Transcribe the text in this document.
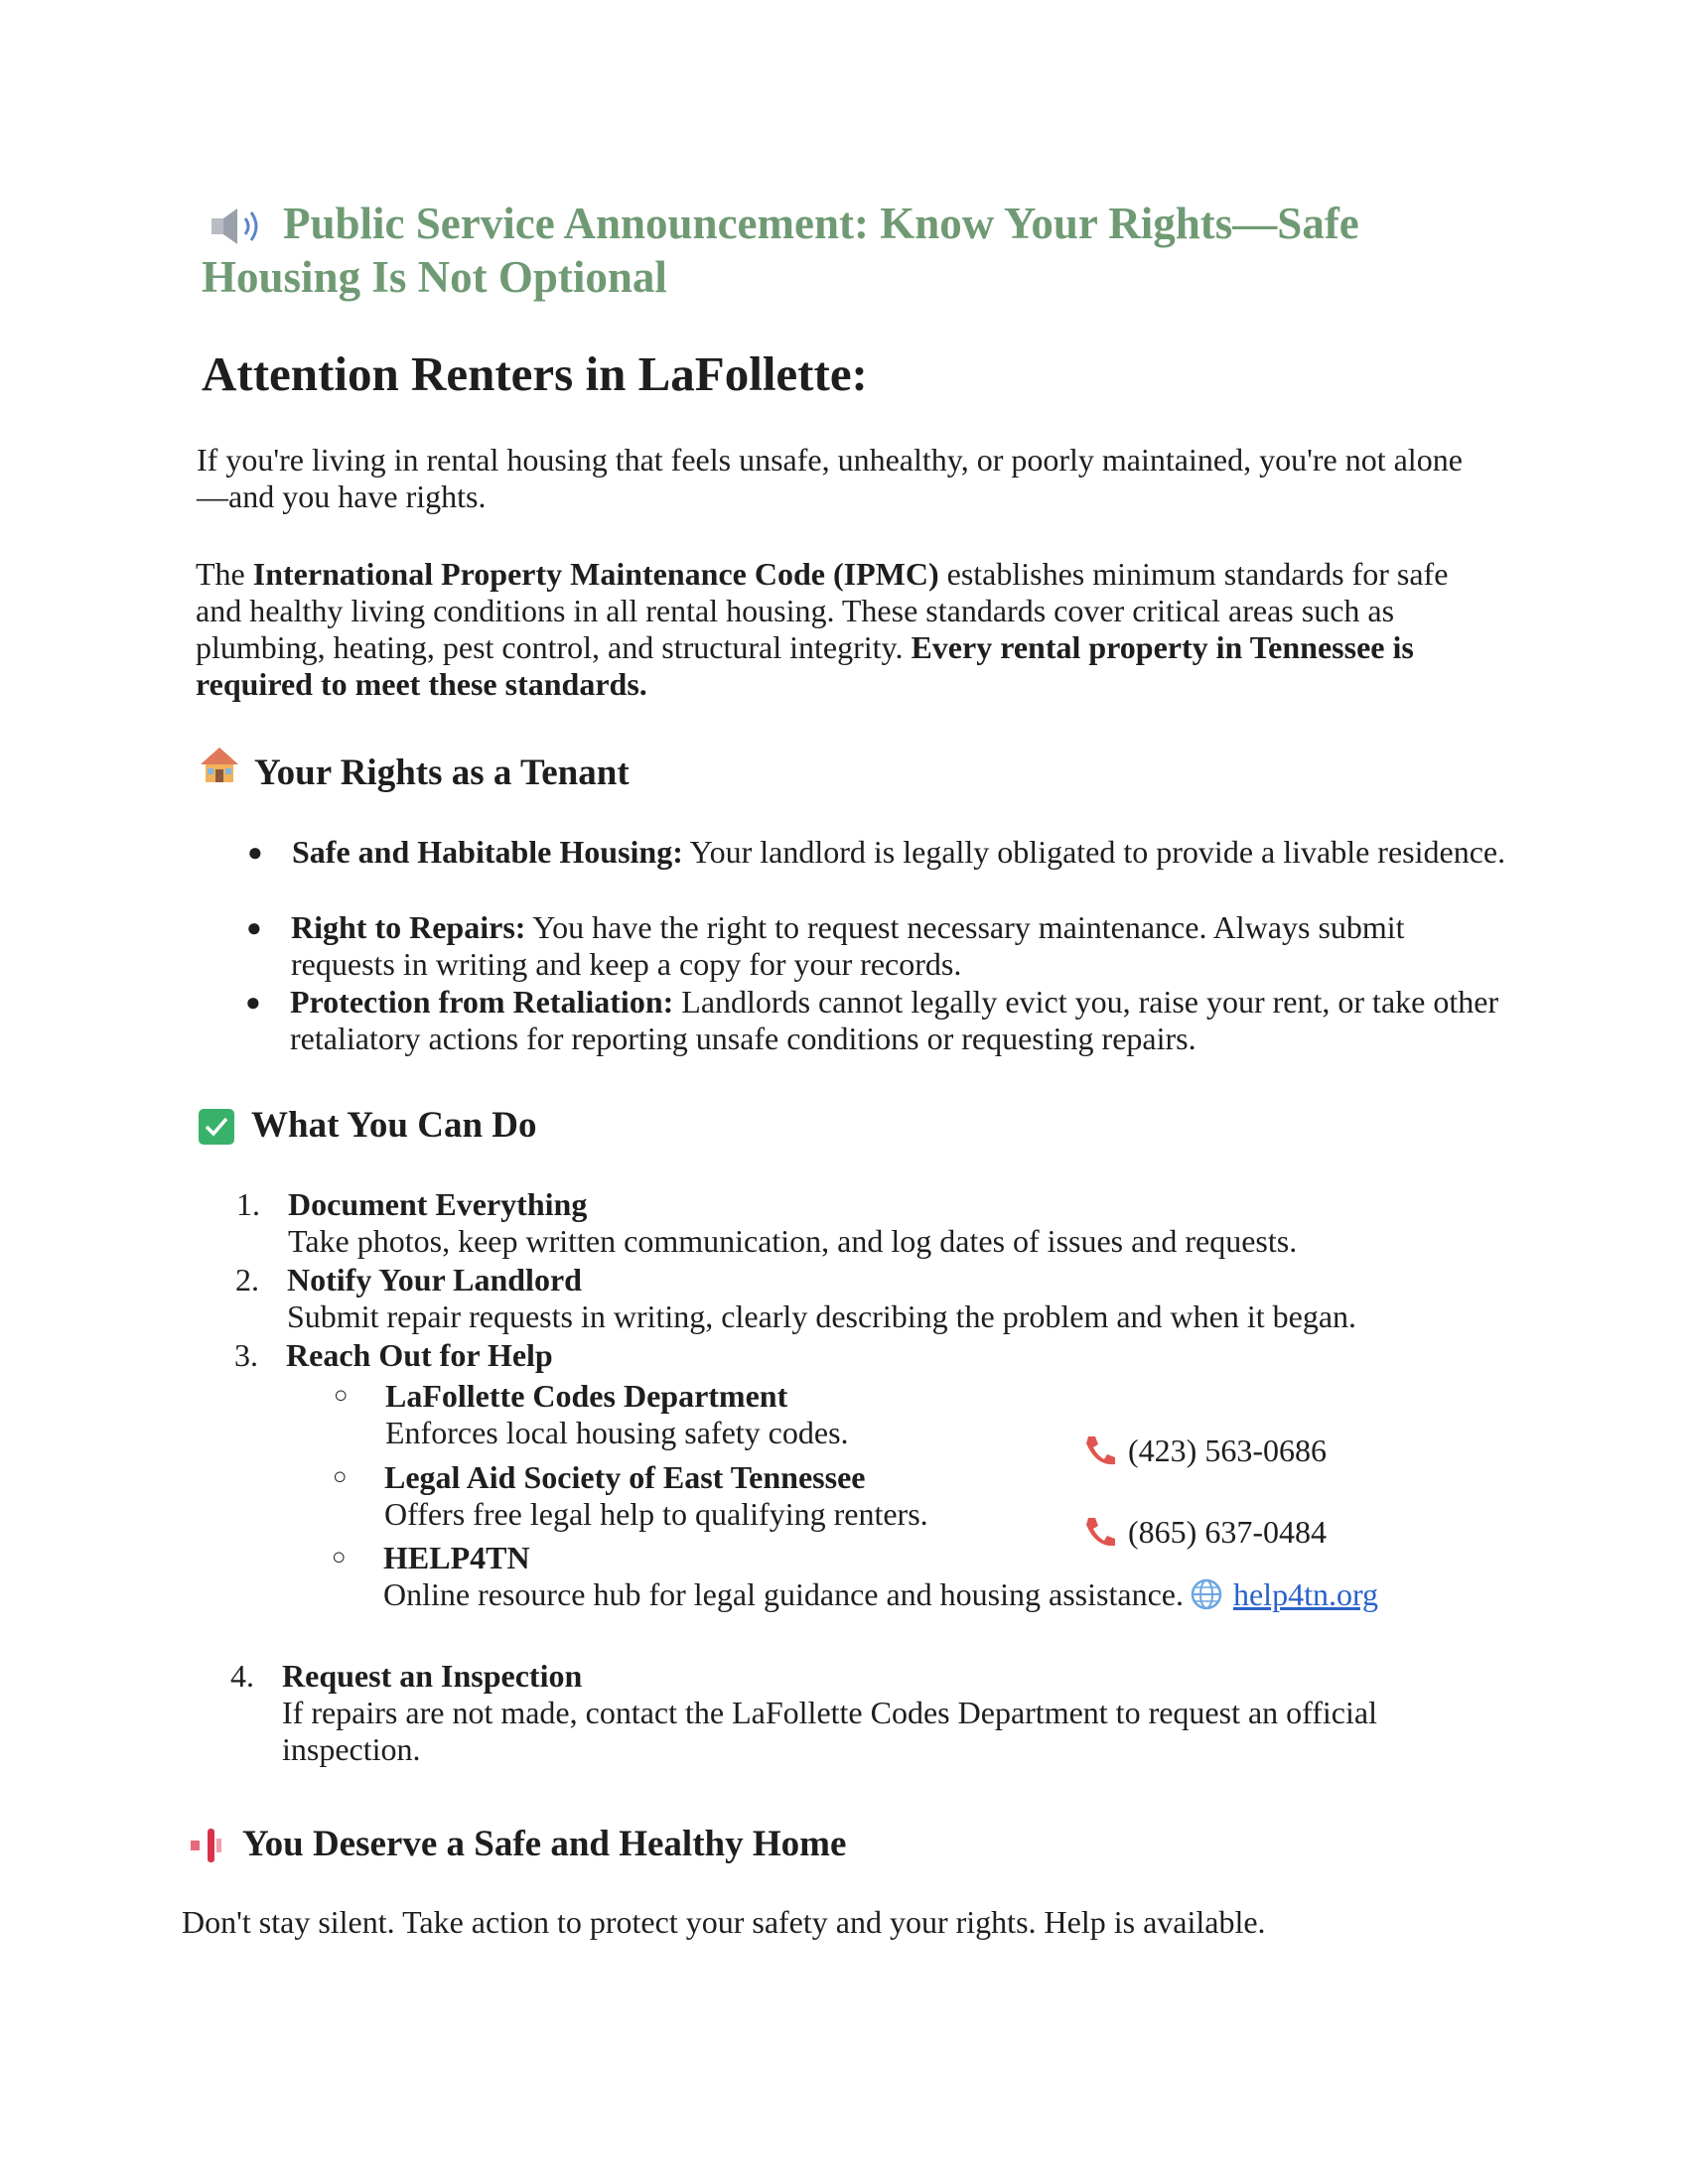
Public Service Announcement: Know Your Rights—Safe
Housing Is Not Optional
Attention Renters in LaFollette:
If you're living in rental housing that feels unsafe, unhealthy, or poorly maintained, you're not alone—and you have rights.
The International Property Maintenance Code (IPMC) establishes minimum standards for safe and healthy living conditions in all rental housing. These standards cover critical areas such as plumbing, heating, pest control, and structural integrity. Every rental property in Tennessee is required to meet these standards.
Your Rights as a Tenant
● Safe and Habitable Housing: Your landlord is legally obligated to provide a livable residence.
● Right to Repairs: You have the right to request necessary maintenance. Always submit requests in writing and keep a copy for your records.
● Protection from Retaliation: Landlords cannot legally evict you, raise your rent, or take other retaliatory actions for reporting unsafe conditions or requesting repairs.
What You Can Do
1. Document Everything
Take photos, keep written communication, and log dates of issues and requests.
2. Notify Your Landlord
Submit repair requests in writing, clearly describing the problem and when it began.
3. Reach Out for Help
○ LaFollette Codes Department
Enforces local housing safety codes.	(423) 563-0686
○ Legal Aid Society of East Tennessee
Offers free legal help to qualifying renters.	(865) 637-0484
○ HELP4TN
Online resource hub for legal guidance and housing assistance. help4tn.org
4. Request an Inspection
If repairs are not made, contact the LaFollette Codes Department to request an official inspection.
You Deserve a Safe and Healthy Home
Don't stay silent. Take action to protect your safety and your rights. Help is available.
